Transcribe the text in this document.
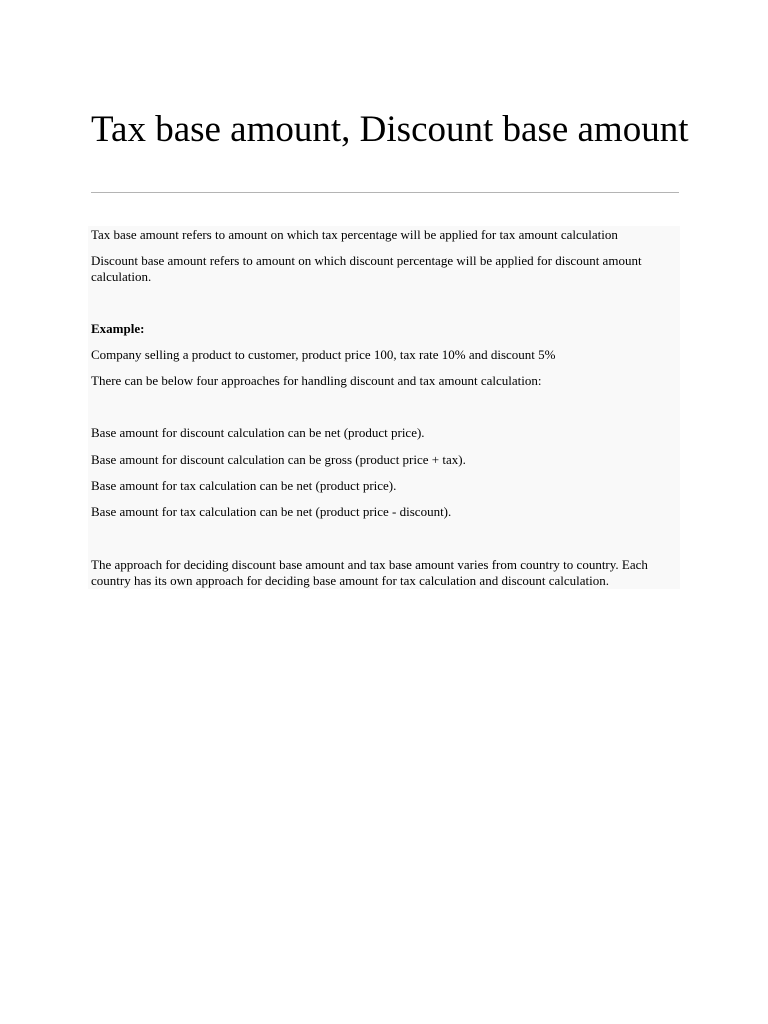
Tax base amount, Discount base amount

Tax base amount refers to amount on which tax percentage will be applied for tax amount calculation

Discount base amount refers to amount on which discount percentage will be applied for discount amount calculation.

Example:

Company selling a product to customer, product price 100, tax rate 10% and discount 5%

There can be below four approaches for handling discount and tax amount calculation:

Base amount for discount calculation can be net (product price).

Base amount for discount calculation can be gross (product price + tax).

Base amount for tax calculation can be net (product price).

Base amount for tax calculation can be net (product price - discount).

The approach for deciding discount base amount and tax base amount varies from country to country. Each country has its own approach for deciding base amount for tax calculation and discount calculation.
